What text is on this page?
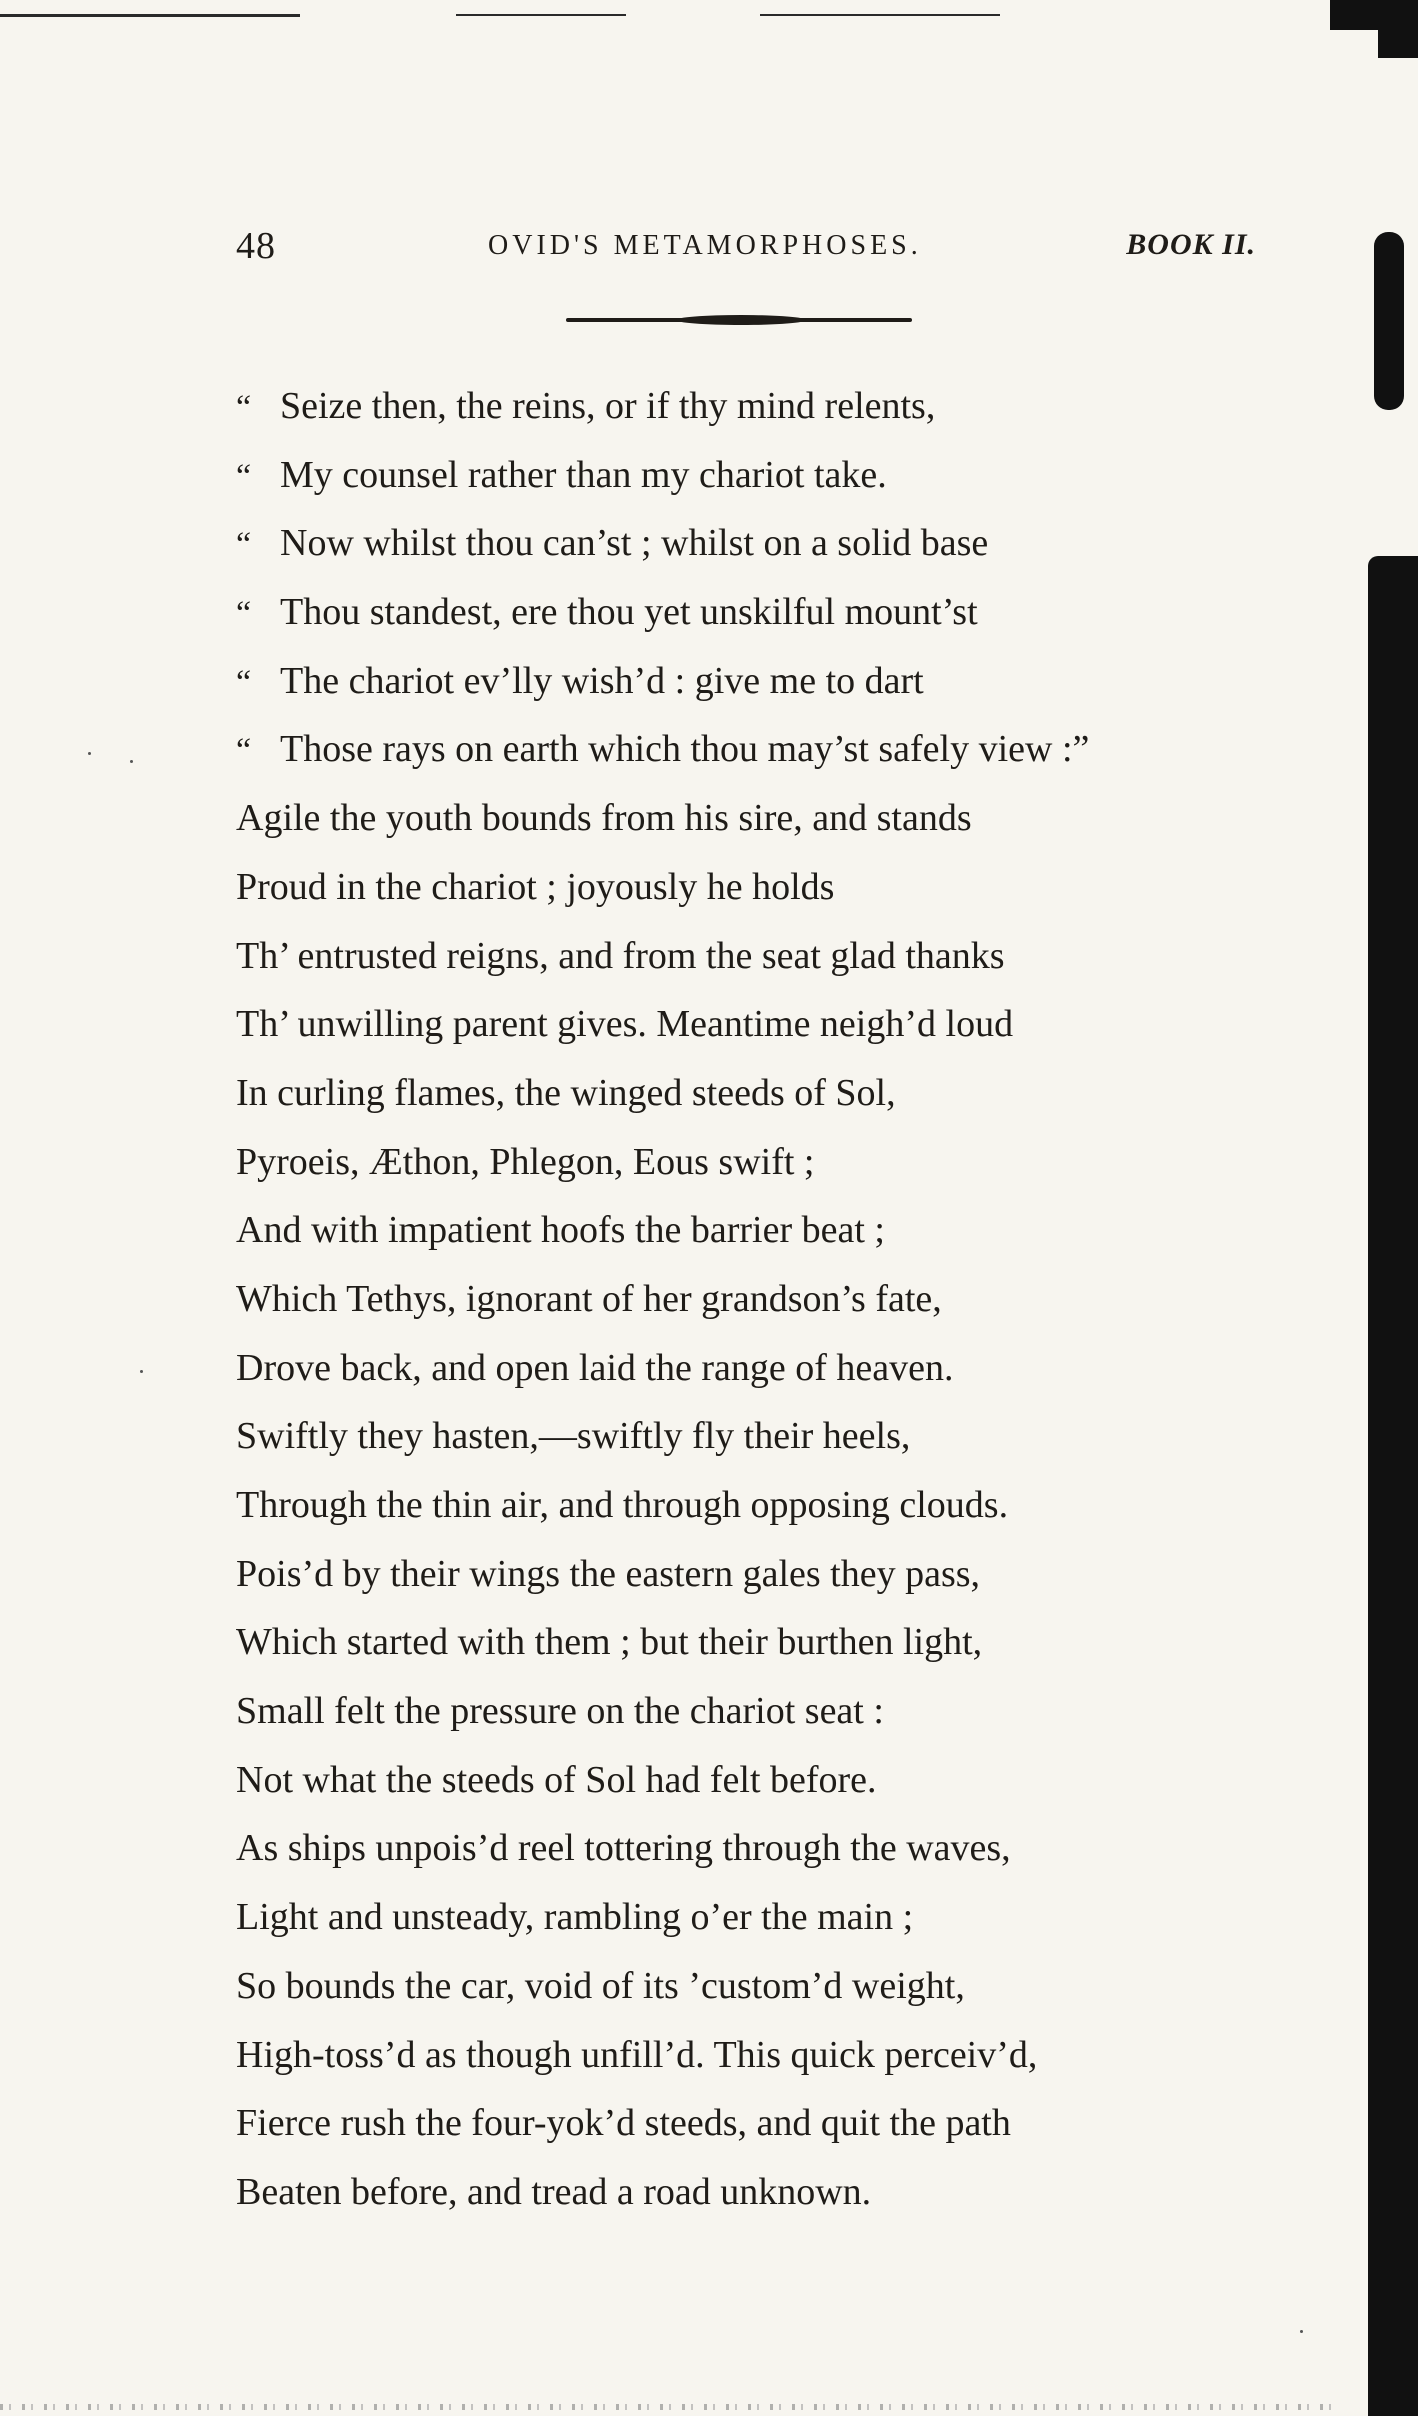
48	OVID'S METAMORPHOSES.	BOOK II.
“ Seize then, the reins, or if thy mind relents,
“ My counsel rather than my chariot take.
“ Now whilst thou can’st ; whilst on a solid base
“ Thou standest, ere thou yet unskilful mount’st
“ The chariot ev’lly wish’d : give me to dart
“ Those rays on earth which thou may’st safely view :”
Agile the youth bounds from his sire, and stands
Proud in the chariot ; joyously he holds
Th’ entrusted reigns, and from the seat glad thanks
Th’ unwilling parent gives. Meantime neigh’d loud
In curling flames, the winged steeds of Sol,
Pyroeis, Æthon, Phlegon, Eous swift ;
And with impatient hoofs the barrier beat ;
Which Tethys, ignorant of her grandson’s fate,
Drove back, and open laid the range of heaven.
Swiftly they hasten,—swiftly fly their heels,
Through the thin air, and through opposing clouds.
Pois’d by their wings the eastern gales they pass,
Which started with them ; but their burthen light,
Small felt the pressure on the chariot seat :
Not what the steeds of Sol had felt before.
As ships unpois’d reel tottering through the waves,
Light and unsteady, rambling o’er the main ;
So bounds the car, void of its ’custom’d weight,
High-toss’d as though unfill’d. This quick perceiv’d,
Fierce rush the four-yok’d steeds, and quit the path
Beaten before, and tread a road unknown.
